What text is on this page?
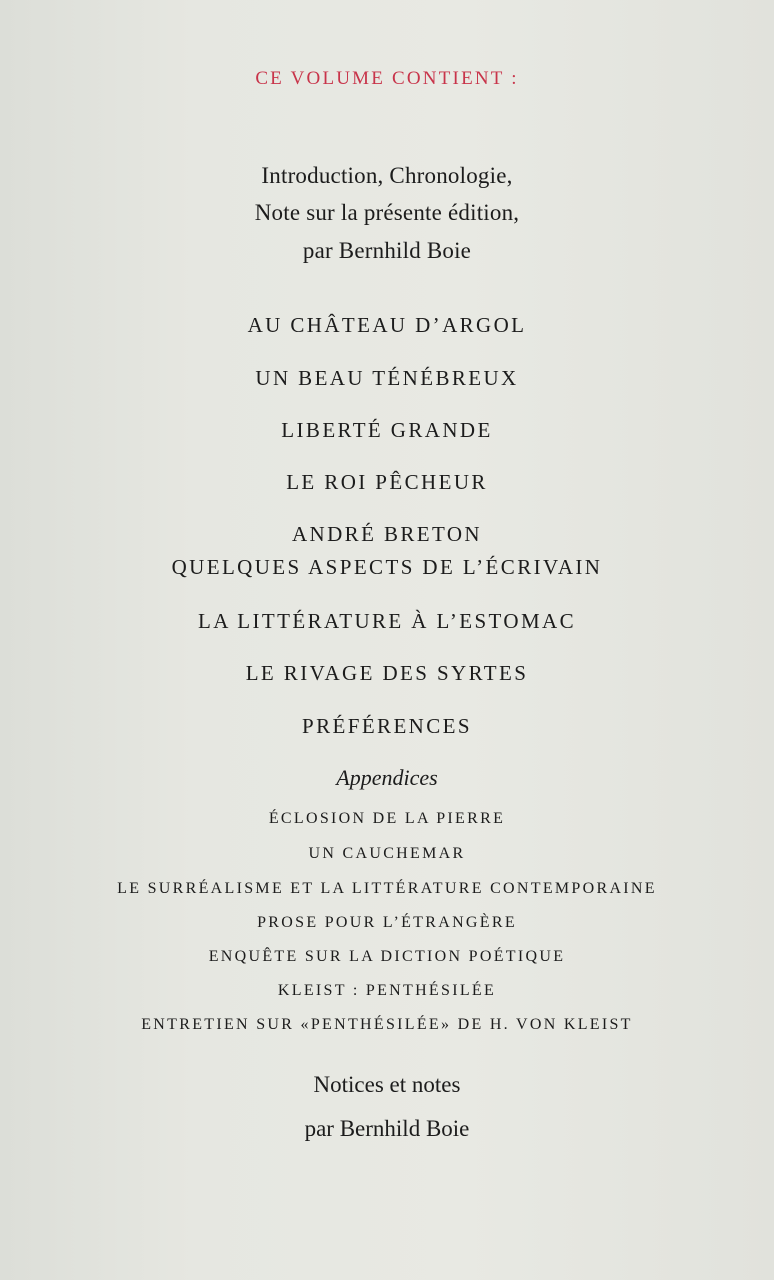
CE VOLUME CONTIENT :
Introduction, Chronologie,
Note sur la présente édition,
par Bernhild Boie
AU CHÂTEAU D’ARGOL
UN BEAU TÉNÉBREUX
LIBERTÉ GRANDE
LE ROI PÊCHEUR
ANDRÉ BRETON
QUELQUES ASPECTS DE L’ÉCRIVAIN
LA LITTÉRATURE À L’ESTOMAC
LE RIVAGE DES SYRTES
PRÉFÉRENCES
Appendices
ÉCLOSION DE LA PIERRE
UN CAUCHEMAR
LE SURRÉALISME ET LA LITTÉRATURE CONTEMPORAINE
PROSE POUR L’ÉTRANGÈRE
ENQUÊTE SUR LA DICTION POÉTIQUE
KLEIST : PENTHÉSILÉE
ENTRETIEN SUR «PENTHÉSILÉE» DE H. VON KLEIST
Notices et notes
par Bernhild Boie
